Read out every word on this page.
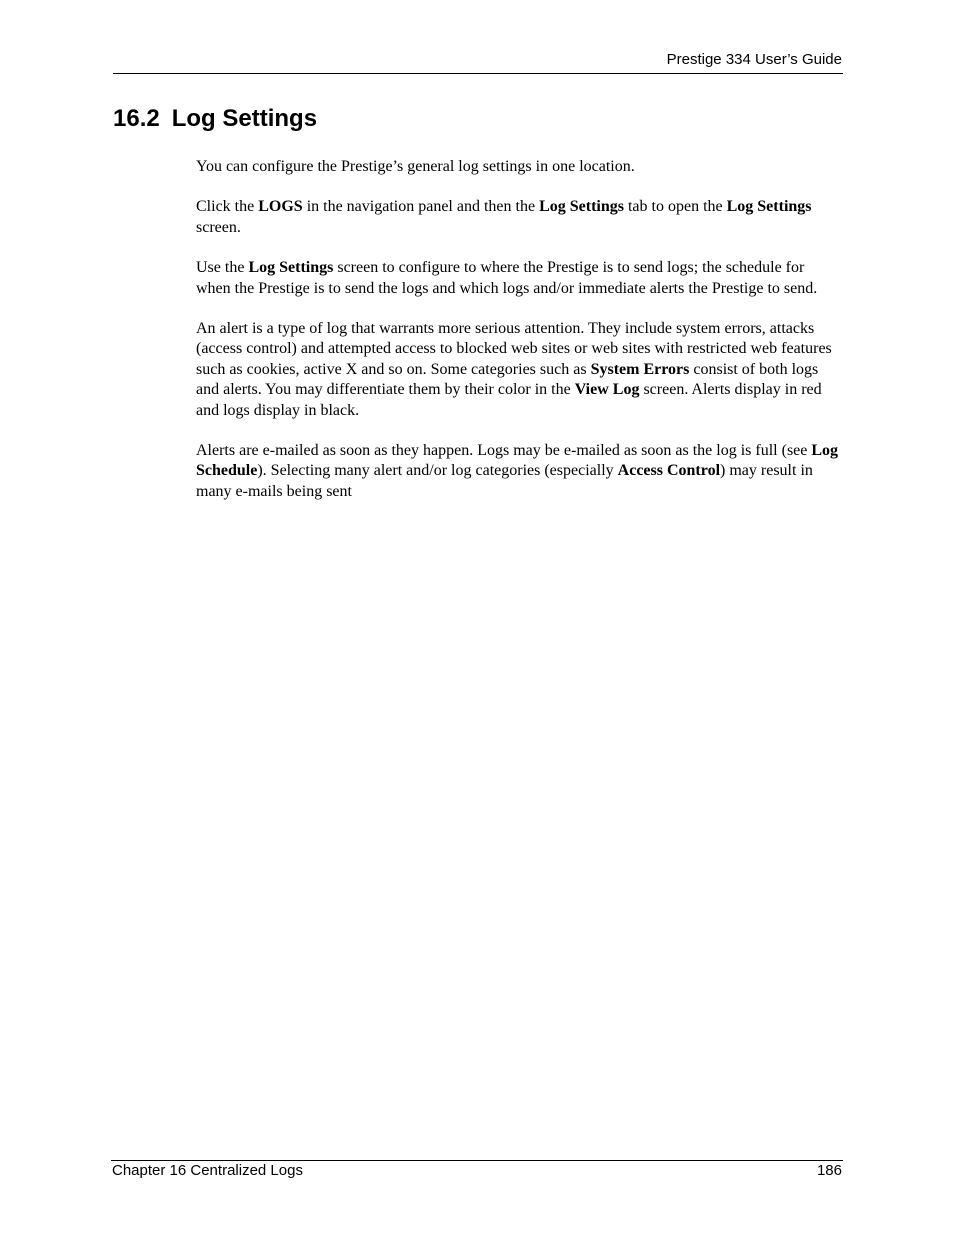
Prestige 334 User’s Guide
16.2 Log Settings

You can configure the Prestige’s general log settings in one location.

Click the LOGS in the navigation panel and then the Log Settings tab to open the Log Settings screen.

Use the Log Settings screen to configure to where the Prestige is to send logs; the schedule for when the Prestige is to send the logs and which logs and/or immediate alerts the Prestige to send.

An alert is a type of log that warrants more serious attention. They include system errors, attacks (access control) and attempted access to blocked web sites or web sites with restricted web features such as cookies, active X and so on. Some categories such as System Errors consist of both logs and alerts. You may differentiate them by their color in the View Log screen. Alerts display in red and logs display in black.

Alerts are e-mailed as soon as they happen. Logs may be e-mailed as soon as the log is full (see Log Schedule). Selecting many alert and/or log categories (especially Access Control) may result in many e-mails being sent

Chapter 16 Centralized Logs	186
